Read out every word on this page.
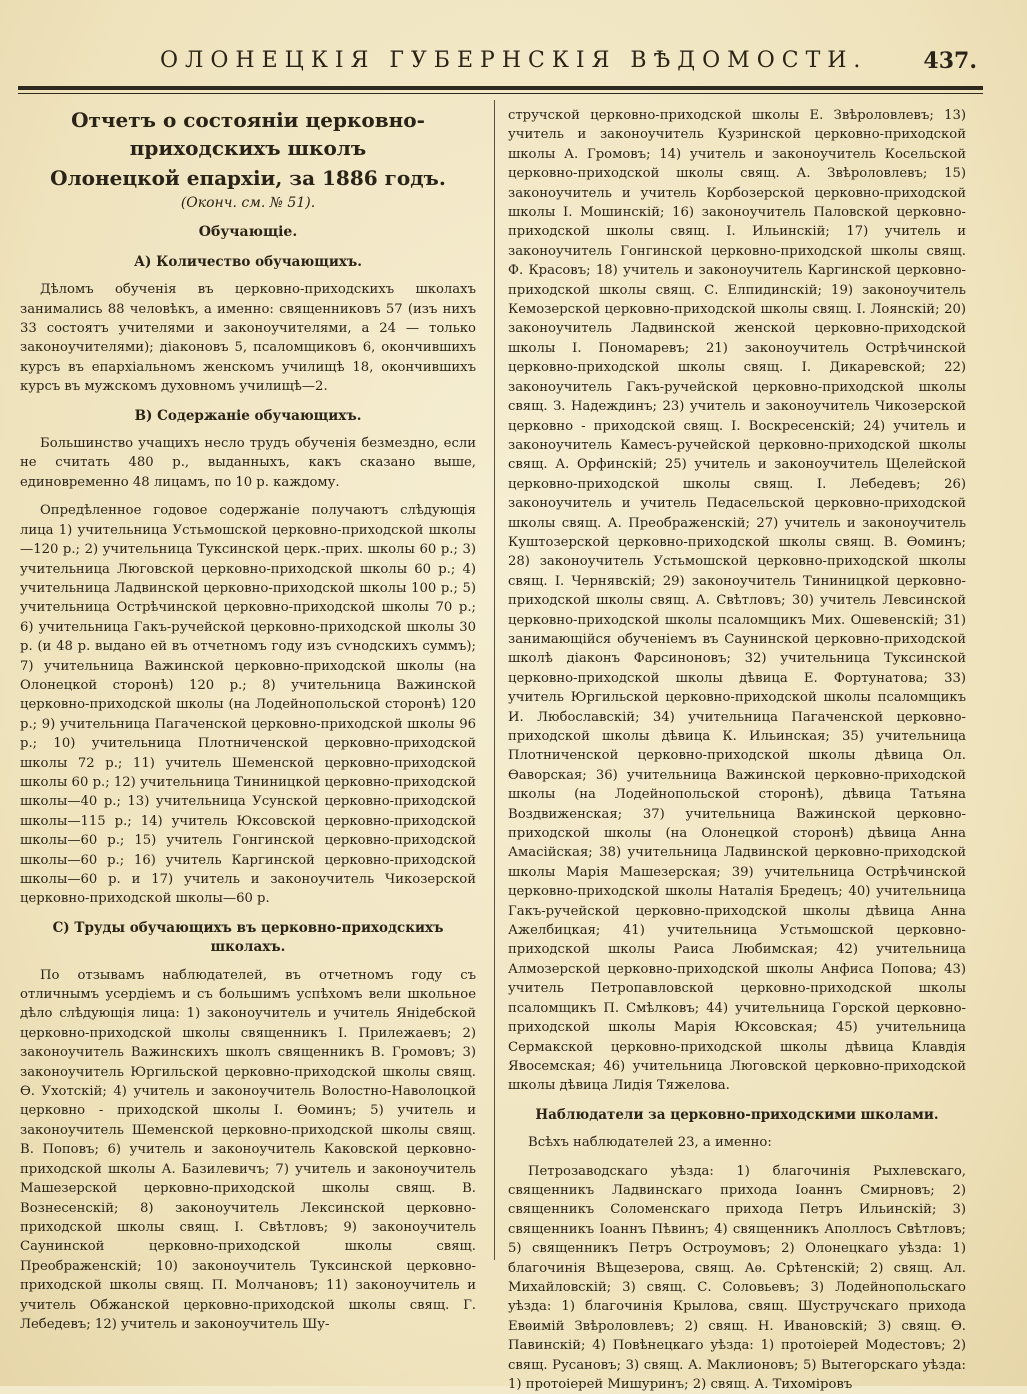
ОЛОНЕЦКІЯ ГУБЕРНСКІЯ ВѢДОМОСТИ.	437.
Отчетъ о состояніи церковно-приходскихъ школъ
Олонецкой епархіи, за 1886 годъ.
(Оконч. см. № 51).
Обучающіе.
А) Количество обучающихъ.

Дѣломъ обученія въ церковно-приходскихъ школахъ занимались 88 человѣкъ, а именно: священниковъ 57 (изъ нихъ 33 состоятъ учителями и законоучителями, а 24 — только законоучителями); діаконовъ 5, псаломщиковъ 6, окончившихъ курсъ въ епархіальномъ женскомъ училищѣ 18, окончившихъ курсъ въ мужскомъ духовномъ училищѣ—2.

В) Содержаніе обучающихъ.

Большинство учащихъ несло трудъ обученія безмездно, если не считать 480 р., выданныхъ, какъ сказано выше, единовременно 48 лицамъ, по 10 р. каждому.

Опредѣленное годовое содержаніе получаютъ слѣдующія лица 1) учительница Устьмошской церковно-приходской школы —120 р.; 2) учительница Туксинской церк.-прих. школы 60 р.; 3) учительница Люговской церковно-приходской школы 60 р.; 4) учительница Ладвинской церковно-приходской школы 100 р.; 5) учительница Острѣчинской церковно-приходской школы 70 р.; 6) учительница Гакъ-ручейской церковно-приходской школы 30 р. (и 48 р. выдано ей въ отчетномъ году изъ сѵнодскихъ суммъ); 7) учительница Важинской церковно-приходской школы (на Олонецкой сторонѣ) 120 р.; 8) учительница Важинской церковно-приходской школы (на Лодейнопольской сторонѣ) 120 р.; 9) учительница Пагаченской церковно-приходской школы 96 р.; 10) учительница Плотниченской церковно-приходской школы 72 р.; 11) учитель Шеменской церковно-приходской школы 60 р.; 12) учительница Тининицкой церковно-приходской школы—40 р.; 13) учительница Усунской церковно-приходской школы—115 р.; 14) учитель Юксовской церковно-приходской школы—60 р.; 15) учитель Гонгинской церковно-приходской школы—60 р.; 16) учитель Каргинской церковно-приходской школы—60 р. и 17) учитель и законоучитель Чикозерской церковно-приходской школы—60 р.

С) Труды обучающихъ въ церковно-приходскихъ школахъ.

По отзывамъ наблюдателей, въ отчетномъ году съ отличнымъ усердіемъ и съ большимъ успѣхомъ вели школьное дѣло слѣдующія лица: 1) законоучитель и учитель Янідебской церковно-приходской школы священникъ І. Прилежаевъ; 2) законоучитель Важинскихъ школъ священникъ В. Громовъ; 3) законоучитель Юргильской церковно-приходской школы свящ. Ѳ. Ухотскій; 4) учитель и законоучитель Волостно-Наволоцкой церковно - приходской школы І. Ѳоминъ; 5) учитель и законоучитель Шеменской церковно-приходской школы свящ. В. Поповъ; 6) учитель и законоучитель Каковской церковно-приходской школы А. Базилевичъ; 7) учитель и законоучитель Машезерской церковно-приходской школы свящ. В. Вознесенскій; 8) законоучитель Лексинской церковно-приходской школы свящ. І. Свѣтловъ; 9) законоучитель Саунинской церковно-приходской школы свящ. Преображенскій; 10) законоучитель Туксинской церковно-приходской школы свящ. П. Молчановъ; 11) законоучитель и учитель Обжанской церковно-приходской школы свящ. Г. Лебедевъ; 12) учитель и законоучитель Шу-

стручской церковно-приходской школы Е. Звѣроловлевъ; 13) учитель и законоучитель Кузринской церковно-приходской школы А. Громовъ; 14) учитель и законоучитель Косельской церковно-приходской школы свящ. А. Звѣроловлевъ; 15) законоучитель и учитель Корбозерской церковно-приходской школы І. Мошинскій; 16) законоучитель Паловской церковно-приходской школы свящ. І. Ильинскій; 17) учитель и законоучитель Гонгинской церковно-приходской школы свящ. Ф. Красовъ; 18) учитель и законоучитель Каргинской церковно-приходской школы свящ. С. Елпидинскій; 19) законоучитель Кемозерской церковно-приходской школы свящ. І. Лоянскій; 20) законоучитель Ладвинской женской церковно-приходской школы І. Пономаревъ; 21) законоучитель Острѣчинской церковно-приходской школы свящ. І. Дикаревской; 22) законоучитель Гакъ-ручейской церковно-приходской школы свящ. З. Надеждинъ; 23) учитель и законоучитель Чикозерской церковно - приходской свящ. І. Воскресенскій; 24) учитель и законоучитель Камесъ-ручейской церковно-приходской школы свящ. А. Орфинскій; 25) учитель и законоучитель Щелейской церковно-приходской школы свящ. І. Лебедевъ; 26) законоучитель и учитель Педасельской церковно-приходской школы свящ. А. Преображенскій; 27) учитель и законоучитель Куштозерской церковно-приходской школы свящ. В. Ѳоминъ; 28) законоучитель Устьмошской церковно-приходской школы свящ. І. Чернявскій; 29) законоучитель Тининицкой церковно-приходской школы свящ. А. Свѣтловъ; 30) учитель Левсинской церковно-приходской школы псаломщикъ Мих. Ошевенскій; 31) занимающійся обученіемъ въ Саунинской церковно-приходской школѣ діаконъ Фарсиноновъ; 32) учительница Туксинской церковно-приходской школы дѣвица Е. Фортунатова; 33) учитель Юргильской церковно-приходской школы псаломщикъ И. Любославскій; 34) учительница Пагаченской церковно-приходской школы дѣвица К. Ильинская; 35) учительница Плотниченской церковно-приходской школы дѣвица Ол. Ѳаворская; 36) учительница Важинской церковно-приходской школы (на Лодейнопольской сторонѣ), дѣвица Татьяна Воздвиженская; 37) учительница Важинской церковно-приходской школы (на Олонецкой сторонѣ) дѣвица Анна Амасійская; 38) учительница Ладвинской церковно-приходской школы Марія Машезерская; 39) учительница Острѣчинской церковно-приходской школы Наталія Бредецъ; 40) учительница Гакъ-ручейской церковно-приходской школы дѣвица Анна Ажелбицкая; 41) учительница Устьмошской церковно-приходской школы Раиса Любимская; 42) учительница Алмозерской церковно-приходской школы Анфиса Попова; 43) учитель Петропавловской церковно-приходской школы псаломщикъ П. Смѣлковъ; 44) учительница Горской церковно-приходской школы Марія Юксовская; 45) учительница Сермакской церковно-приходской школы дѣвица Клавдія Явосемская; 46) учительница Люговской церковно-приходской школы дѣвица Лидія Тяжелова.

Наблюдатели за церковно-приходскими школами.

Всѣхъ наблюдателей 23, а именно:

Петрозаводскаго уѣзда: 1) благочинія Рыхлевскаго, священникъ Ладвинскаго прихода Іоаннъ Смирновъ; 2) священникъ Соломенскаго прихода Петръ Ильинскій; 3) священникъ Іоаннъ Пѣвинъ; 4) священникъ Аполлосъ Свѣтловъ; 5) священникъ Петръ Остроумовъ; 2) Олонецкаго уѣзда: 1) благочинія Вѣщезерова, свящ. Аѳ. Срѣтенскій; 2) свящ. Ал. Михайловскій; 3) свящ. С. Соловьевъ; 3) Лодейнопольскаго уѣзда: 1) благочинія Крылова, свящ. Шустручскаго прихода Евѳимій Звѣроловлевъ; 2) свящ. Н. Ивановскій; 3) свящ. Ѳ. Павинскій; 4) Повѣнецкаго уѣзда: 1) протоіерей Модестовъ; 2) свящ. Русановъ; 3) свящ. А. Маклионовъ; 5) Вытегорскаго уѣзда: 1) протоіерей Мишуринъ; 2) свящ. А. Тихоміровъ
